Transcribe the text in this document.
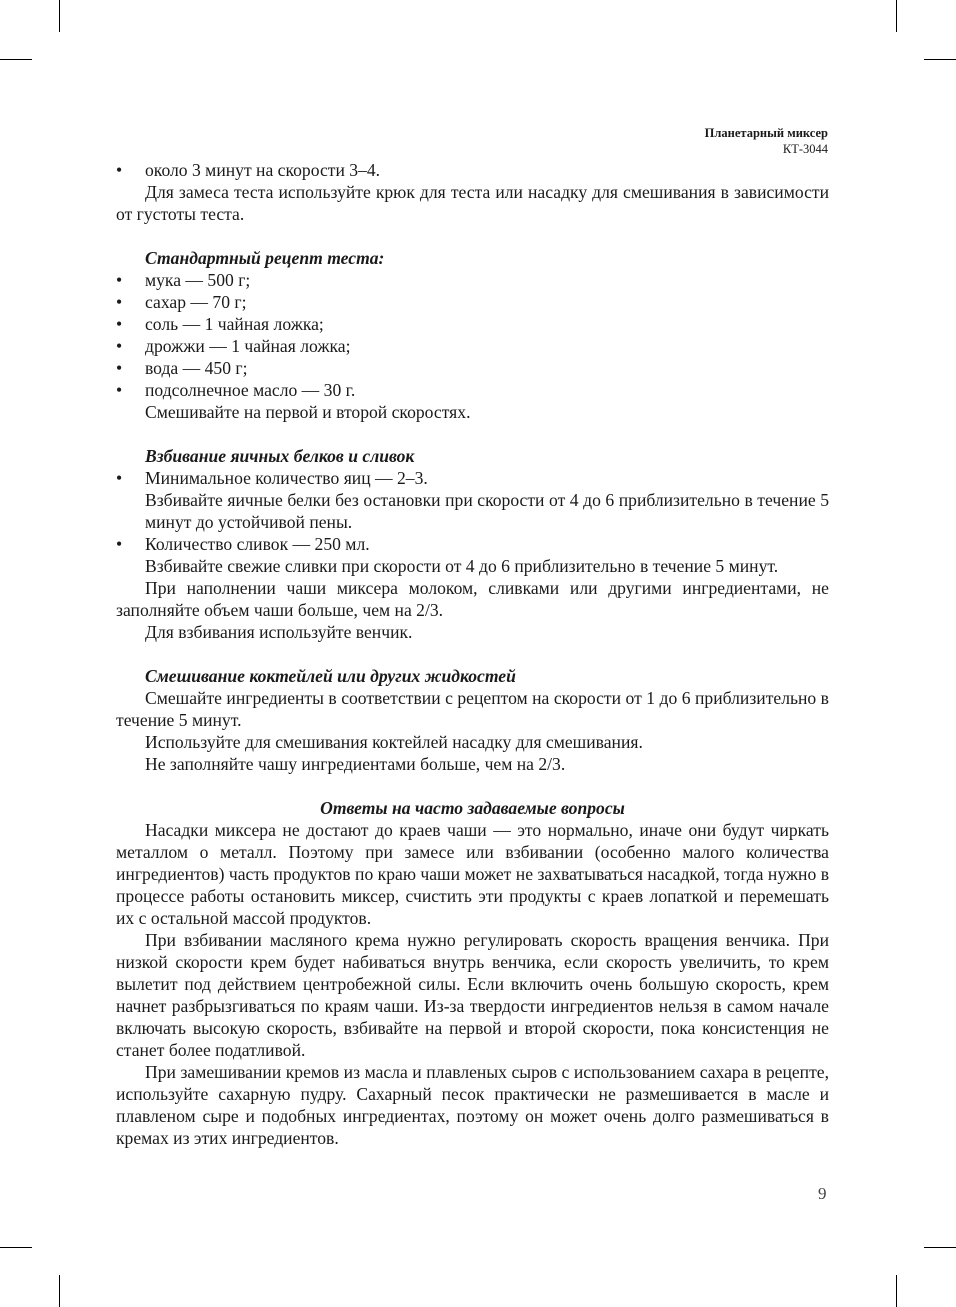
Планетарный миксер
КТ-3044

• около 3 минут на скорости 3–4.

Для замеса теста используйте крюк для теста или насадку для смешивания в зависимости от густоты теста.

Стандартный рецепт теста:

• мука — 500 г;

• сахар — 70 г;

• соль — 1 чайная ложка;

• дрожжи — 1 чайная ложка;

• вода — 450 г;

• подсолнечное масло — 30 г.

Смешивайте на первой и второй скоростях.

Взбивание яичных белков и сливок

• Минимальное количество яиц — 2–3.
Взбивайте яичные белки без остановки при скорости от 4 до 6 приблизительно в течение 5 минут до устойчивой пены.

• Количество сливок — 250 мл.
Взбивайте свежие сливки при скорости от 4 до 6 приблизительно в течение 5 минут.

При наполнении чаши миксера молоком, сливками или другими ингредиентами, не заполняйте объем чаши больше, чем на 2/3.

Для взбивания используйте венчик.

Смешивание коктейлей или других жидкостей

Смешайте ингредиенты в соответствии с рецептом на скорости от 1 до 6 приблизительно в течение 5 минут.

Используйте для смешивания коктейлей насадку для смешивания.

Не заполняйте чашу ингредиентами больше, чем на 2/3.

Ответы на часто задаваемые вопросы

Насадки миксера не достают до краев чаши — это нормально, иначе они будут чиркать металлом о металл. Поэтому при замесе или взбивании (особенно малого количества ингредиентов) часть продуктов по краю чаши может не захватываться насадкой, тогда нужно в процессе работы остановить миксер, счистить эти продукты с краев лопаткой и перемешать их с остальной массой продуктов.

При взбивании масляного крема нужно регулировать скорость вращения венчика. При низкой скорости крем будет набиваться внутрь венчика, если скорость увеличить, то крем вылетит под действием центробежной силы. Если включить очень большую скорость, крем начнет разбрызгиваться по краям чаши. Из-за твердости ингредиентов нельзя в самом начале включать высокую скорость, взбивайте на первой и второй скорости, пока консистенция не станет более податливой.

При замешивании кремов из масла и плавленых сыров с использованием сахара в рецепте, используйте сахарную пудру. Сахарный песок практически не размешивается в масле и плавленом сыре и подобных ингредиентах, поэтому он может очень долго размешиваться в кремах из этих ингредиентов.

9
